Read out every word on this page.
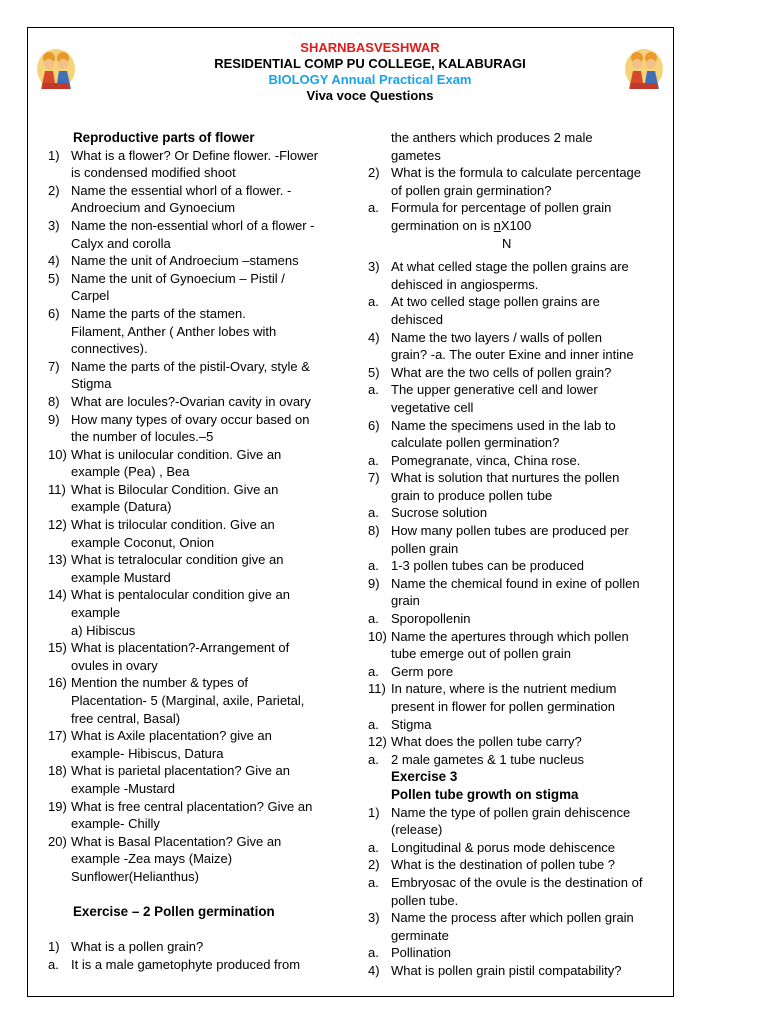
SHARNBASVESHWAR
RESIDENTIAL COMP PU COLLEGE, KALABURAGI
BIOLOGY Annual Practical Exam
Viva voce Questions
Reproductive parts of flower
1) What is a flower? Or Define flower. -Flower
is condensed modified shoot
2) Name the essential whorl of a flower. -
Androecium and Gynoecium
3) Name the non-essential whorl of a flower -
Calyx and corolla
4) Name the unit of Androecium –stamens
5) Name the unit of Gynoecium – Pistil /
Carpel
6) Name the parts of the stamen.
Filament, Anther ( Anther lobes with
connectives).
7) Name the parts of the pistil-Ovary, style &
Stigma
8) What are locules?-Ovarian cavity in ovary
9) How many types of ovary occur based on
the number of locules.–5
10) What is unilocular condition. Give an
example (Pea) , Bea
11) What is Bilocular Condition. Give an
example (Datura)
12) What is trilocular condition. Give an
example Coconut, Onion
13) What is tetralocular condition give an
example Mustard
14) What is pentalocular condition give an
example
a) Hibiscus
15) What is placentation?-Arrangement of
ovules in ovary
16) Mention the number & types of
Placentation- 5 (Marginal, axile, Parietal,
free central, Basal)
17) What is Axile placentation? give an
example- Hibiscus, Datura
18) What is parietal placentation? Give an
example -Mustard
19) What is free central placentation? Give an
example- Chilly
20) What is Basal Placentation? Give an
example -Zea mays (Maize)
Sunflower(Helianthus)
Exercise – 2 Pollen germination
1) What is a pollen grain?
a. It is a male gametophyte produced from
the anthers which produces 2 male
gametes
2) What is the formula to calculate percentage
of pollen grain germination?
a. Formula for percentage of pollen grain
germination on is nX100
N
3) At what celled stage the pollen grains are
dehisced in angiosperms.
a. At two celled stage pollen grains are
dehisced
4) Name the two layers / walls of pollen
grain? -a. The outer Exine and inner intine
5) What are the two cells of pollen grain?
a. The upper generative cell and lower
vegetative cell
6) Name the specimens used in the lab to
calculate pollen germination?
a. Pomegranate, vinca, China rose.
7) What is solution that nurtures the pollen
grain to produce pollen tube
a. Sucrose solution
8) How many pollen tubes are produced per
pollen grain
a. 1-3 pollen tubes can be produced
9) Name the chemical found in exine of pollen
grain
a. Sporopollenin
10) Name the apertures through which pollen
tube emerge out of pollen grain
a. Germ pore
11) In nature, where is the nutrient medium
present in flower for pollen germination
a. Stigma
12) What does the pollen tube carry?
a. 2 male gametes & 1 tube nucleus
Exercise 3
Pollen tube growth on stigma
1) Name the type of pollen grain dehiscence
(release)
a. Longitudinal & porus mode dehiscence
2) What is the destination of pollen tube ?
a. Embryosac of the ovule is the destination of
pollen tube.
3) Name the process after which pollen grain
germinate
a. Pollination
4) What is pollen grain pistil compatability?
